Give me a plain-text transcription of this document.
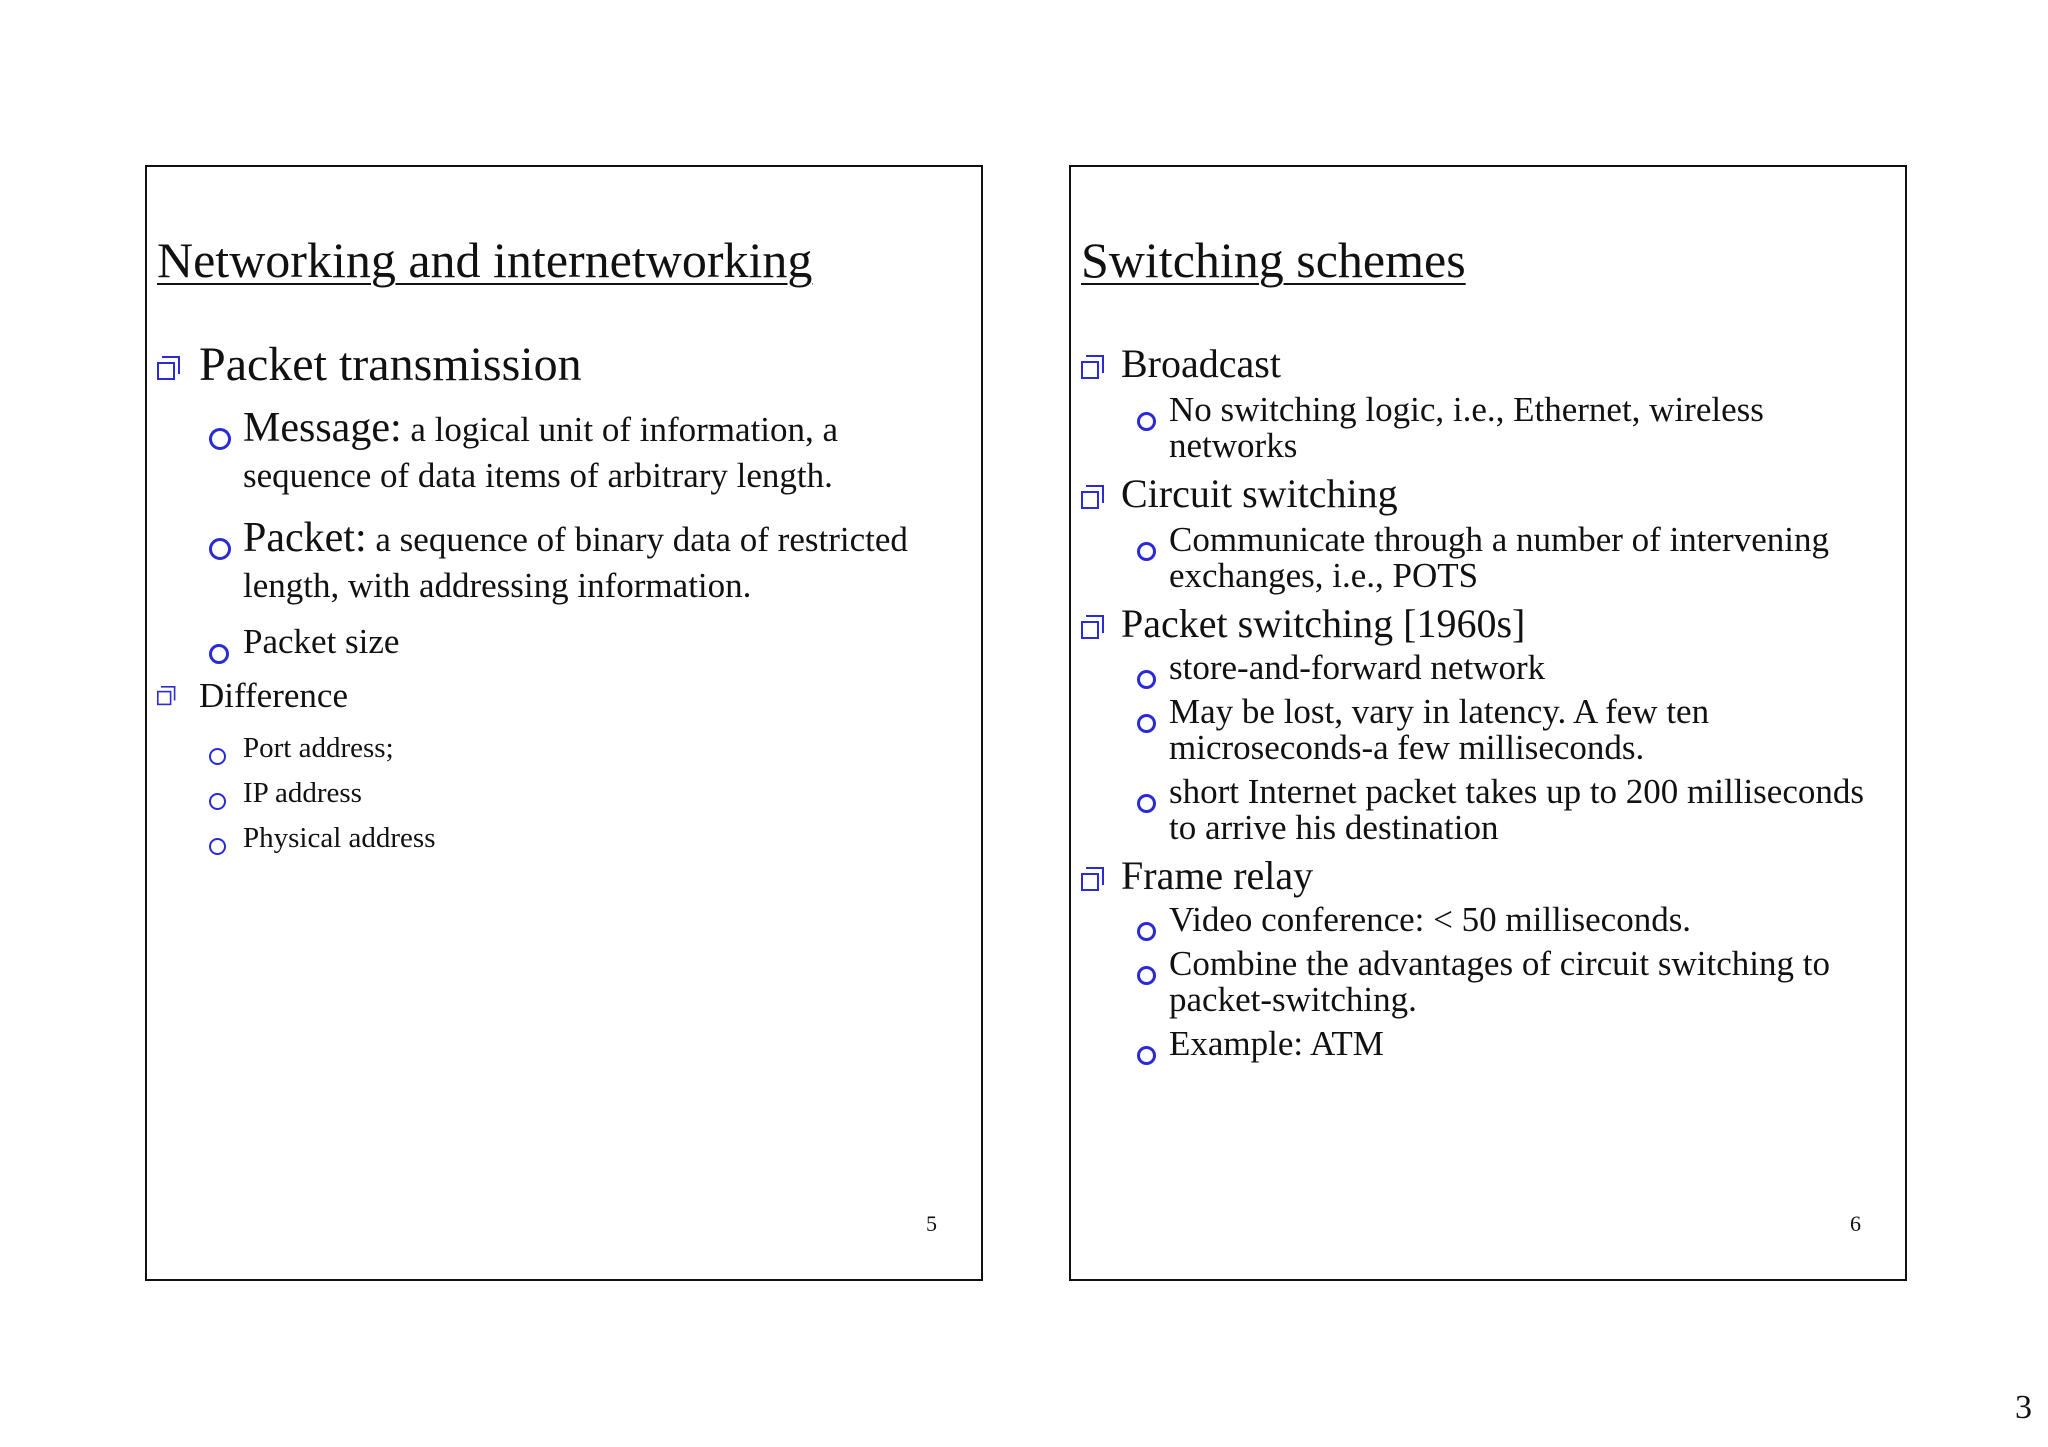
Networking and internetworking
Packet transmission
Message: a logical unit of information, a sequence of data items of arbitrary length.
Packet: a sequence of binary data of restricted length, with addressing information.
Packet size
Difference
Port address;
IP address
Physical address
5
Switching schemes
Broadcast
No switching logic, i.e., Ethernet, wireless networks
Circuit switching
Communicate through a number of intervening exchanges, i.e., POTS
Packet switching [1960s]
store-and-forward network
May be lost, vary in latency. A few ten microseconds-a few milliseconds.
short Internet packet takes up to 200 milliseconds to arrive his destination
Frame relay
Video conference: < 50 milliseconds.
Combine the advantages of circuit switching to packet-switching.
Example: ATM
6
3
